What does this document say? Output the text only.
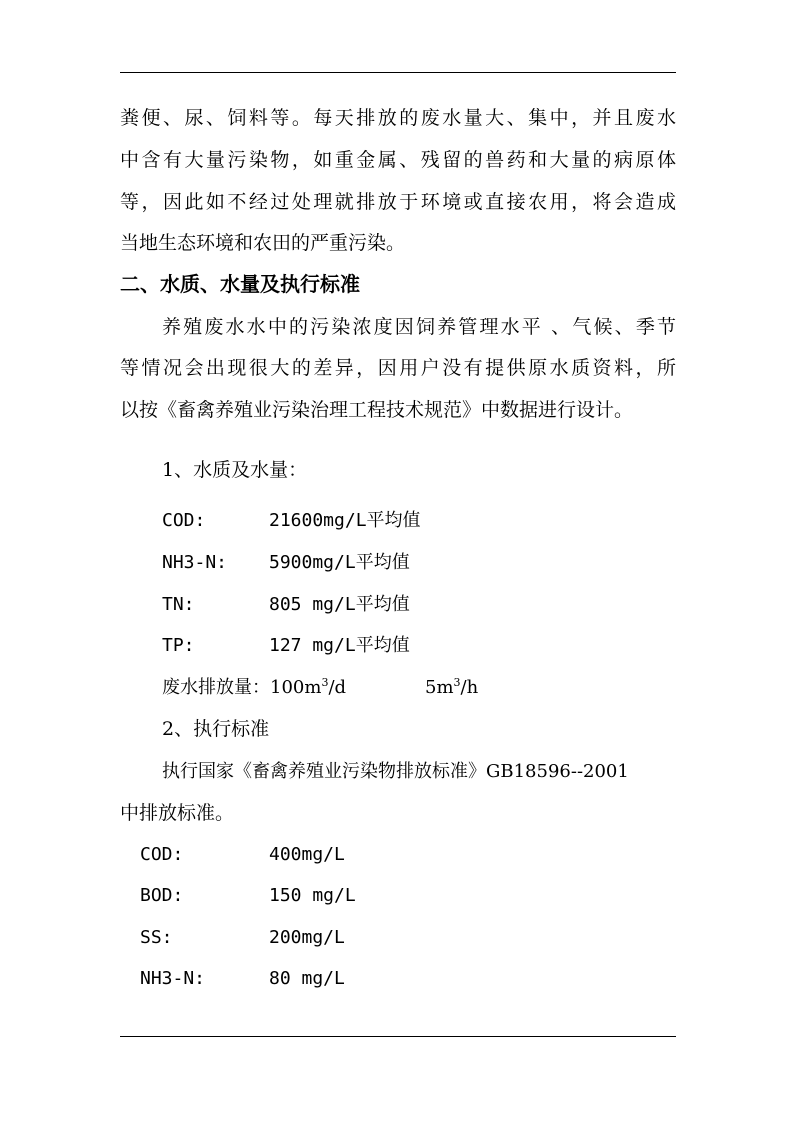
粪便、尿、饲料等。每天排放的废水量大、集中，并且废水
中含有大量污染物，如重金属、残留的兽药和大量的病原体
等，因此如不经过处理就排放于环境或直接农用，将会造成
当地生态环境和农田的严重污染。
二、水质、水量及执行标准
养殖废水水中的污染浓度因饲养管理水平 、气候、季节
等情况会出现很大的差异，因用户没有提供原水质资料，所
以按《畜禽养殖业污染治理工程技术规范》中数据进行设计。
1、水质及水量：
COD:	21600mg/L平均值
NH3-N: 5900mg/L平均值
TN:	805 mg/L平均值
TP:	127 mg/L平均值
废水排放量：$100m^3/d$	$5m^3/h$
2、执行标准
执行国家《畜禽养殖业污染物排放标准》GB18596--2001
中排放标准。
COD:	400mg/L
BOD:	150 mg/L
SS:	200mg/L
NH3-N:	80 mg/L
